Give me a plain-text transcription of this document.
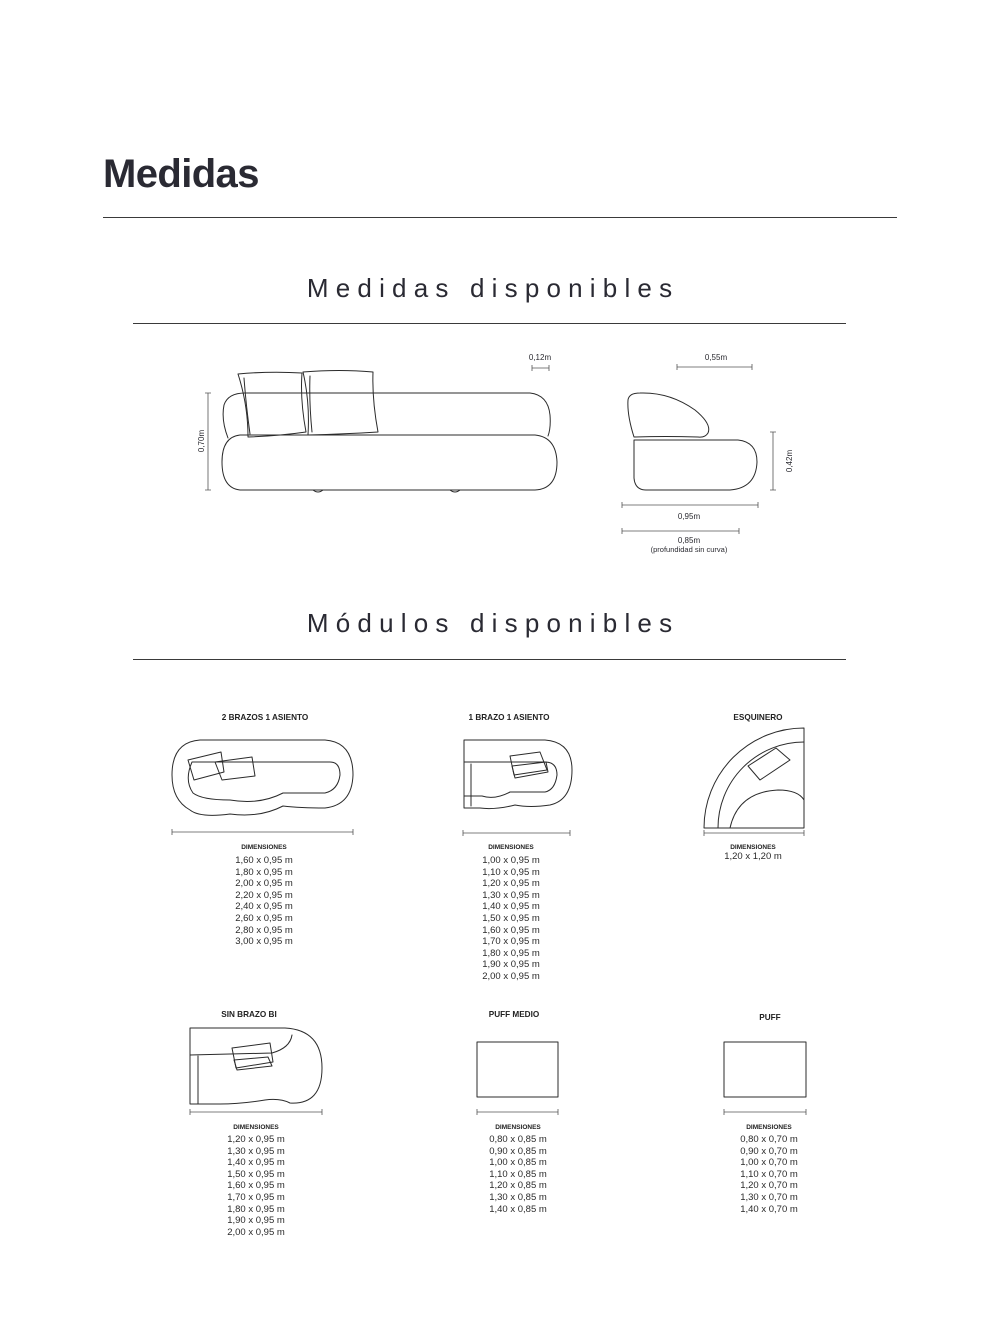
Medidas
Medidas disponibles
Módulos disponibles
0,70m
0,12m	0,55m
0,42m
0,95m
0,85m
(profundidad sin curva)
2 BRAZOS 1 ASIENTO
DIMENSIONES
1,60 x 0,95 m
1,80 x 0,95 m
2,00 x 0,95 m
2,20 x 0,95 m
2,40 x 0,95 m
2,60 x 0,95 m
2,80 x 0,95 m
3,00 x 0,95 m
1 BRAZO 1 ASIENTO
DIMENSIONES
1,00 x 0,95 m
1,10 x 0,95 m
1,20 x 0,95 m
1,30 x 0,95 m
1,40 x 0,95 m
1,50 x 0,95 m
1,60 x 0,95 m
1,70 x 0,95 m
1,80 x 0,95 m
1,90 x 0,95 m
2,00 x 0,95 m
ESQUINERO
DIMENSIONES
1,20 x 1,20 m
SIN BRAZO BI
DIMENSIONES
1,20 x 0,95 m
1,30 x 0,95 m
1,40 x 0,95 m
1,50 x 0,95 m
1,60 x 0,95 m
1,70 x 0,95 m
1,80 x 0,95 m
1,90 x 0,95 m
2,00 x 0,95 m
PUFF MEDIO
DIMENSIONES
0,80 x 0,85 m
0,90 x 0,85 m
1,00 x 0,85 m
1,10 x 0,85 m
1,20 x 0,85 m
1,30 x 0,85 m
1,40 x 0,85 m
PUFF
DIMENSIONES
0,80 x 0,70 m
0,90 x 0,70 m
1,00 x 0,70 m
1,10 x 0,70 m
1,20 x 0,70 m
1,30 x 0,70 m
1,40 x 0,70 m
